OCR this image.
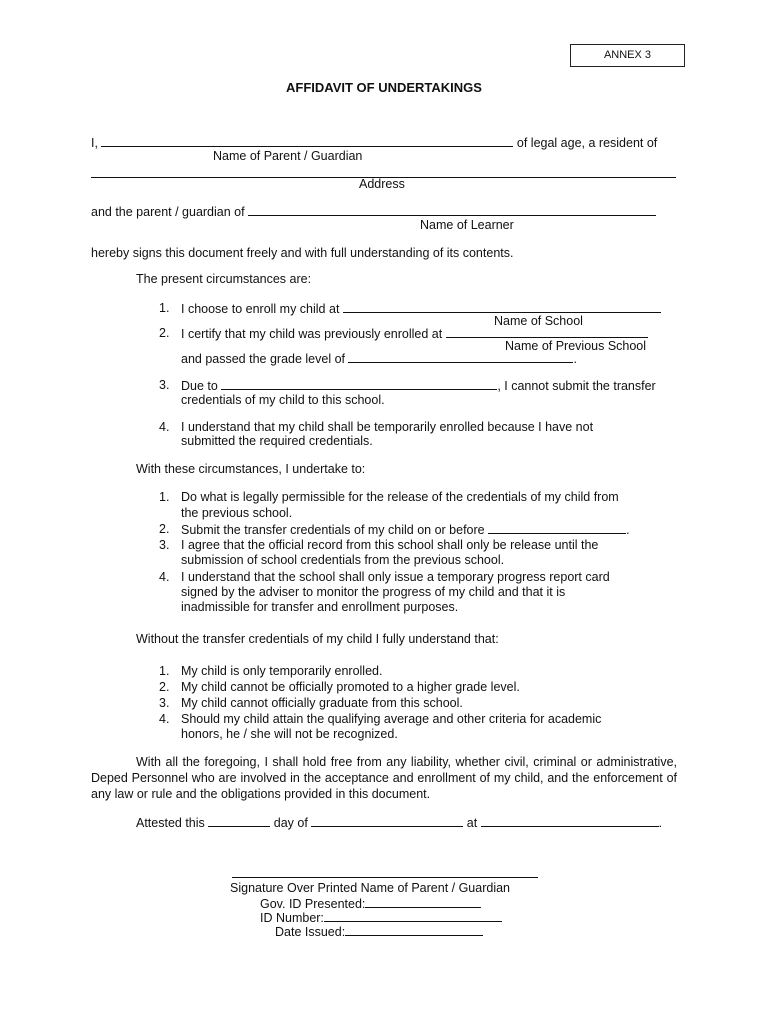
ANNEX 3
AFFIDAVIT OF UNDERTAKINGS
I,	of legal age, a resident of
Name of Parent / Guardian
Address
and the parent / guardian of
Name of Learner
hereby signs this document freely and with full understanding of its contents.
The present circumstances are:
1. I choose to enroll my child at
Name of School
2. I certify that my child was previously enrolled at
Name of Previous School
and passed the grade level of	.
3. Due to	, I cannot submit the transfer
credentials of my child to this school.
4. I understand that my child shall be temporarily enrolled because I have not
submitted the required credentials.
With these circumstances, I undertake to:
1. Do what is legally permissible for the release of the credentials of my child from
the previous school.
2. Submit the transfer credentials of my child on or before	.
3. I agree that the official record from this school shall only be release until the
submission of school credentials from the previous school.
4. I understand that the school shall only issue a temporary progress report card
signed by the adviser to monitor the progress of my child and that it is
inadmissible for transfer and enrollment purposes.
Without the transfer credentials of my child I fully understand that:
1. My child is only temporarily enrolled.
2. My child cannot be officially promoted to a higher grade level.
3. My child cannot officially graduate from this school.
4. Should my child attain the qualifying average and other criteria for academic
honors, he / she will not be recognized.
With all the foregoing, I shall hold free from any liability, whether civil, criminal or administrative, Deped Personnel who are involved in the acceptance and enrollment of my child, and the enforcement of any law or rule and the obligations provided in this document.
Attested this	day of	at	.
Signature Over Printed Name of Parent / Guardian
Gov. ID Presented:
ID Number:
Date Issued:
